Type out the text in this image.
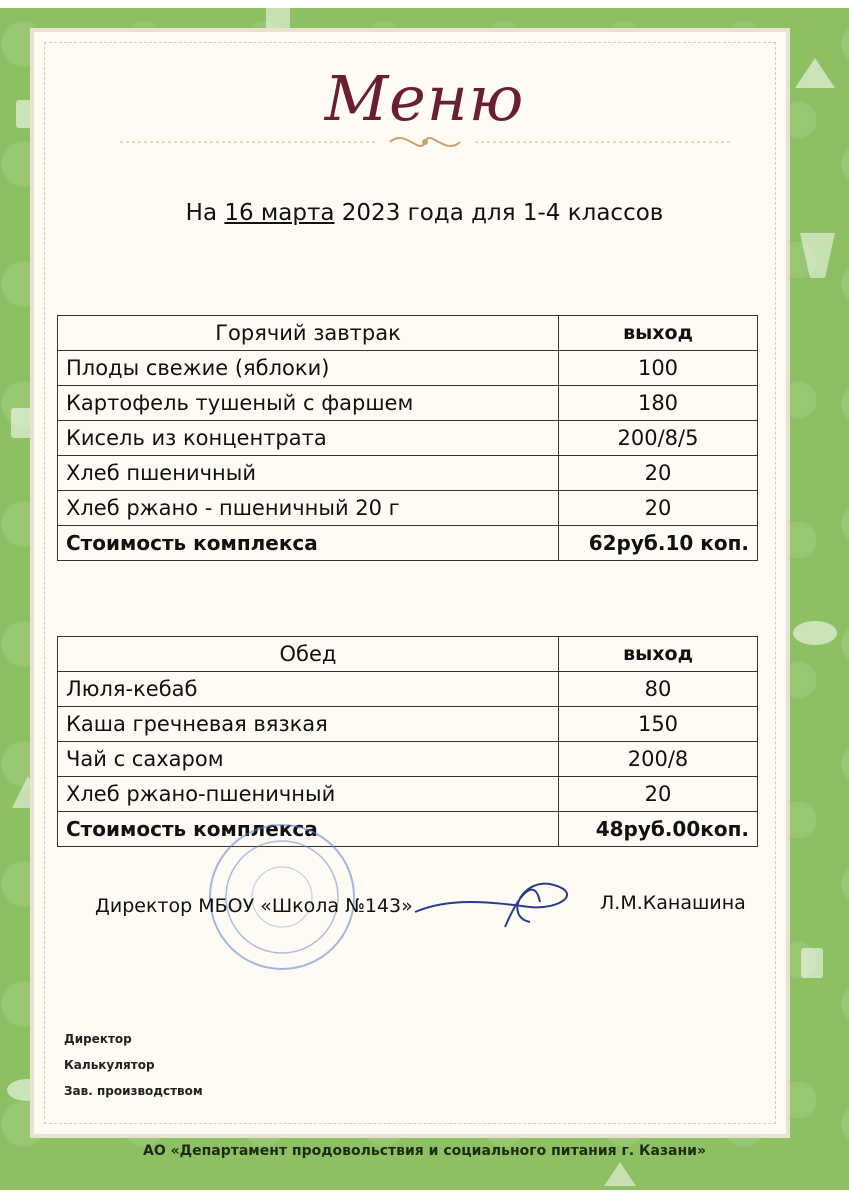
Меню
На 16 марта 2023 года для 1-4 классов
Горячий завтрак	выход
Плоды свежие (яблоки)	100
Картофель тушеный с фаршем	180
Кисель из концентрата	200/8/5
Хлеб пшеничный	20
Хлеб ржано - пшеничный 20 г	20
Стоимость комплекса	62руб.10 коп.
Обед	выход
Люля-кебаб	80
Каша гречневая вязкая	150
Чай с сахаром	200/8
Хлеб ржано-пшеничный	20
Стоимость комплекса	48руб.00коп.
Директор МБОУ «Школа №143»	Л.М.Канашина
Директор
Калькулятор
Зав. производством
АО «Департамент продовольствия и социального питания г. Казани»
